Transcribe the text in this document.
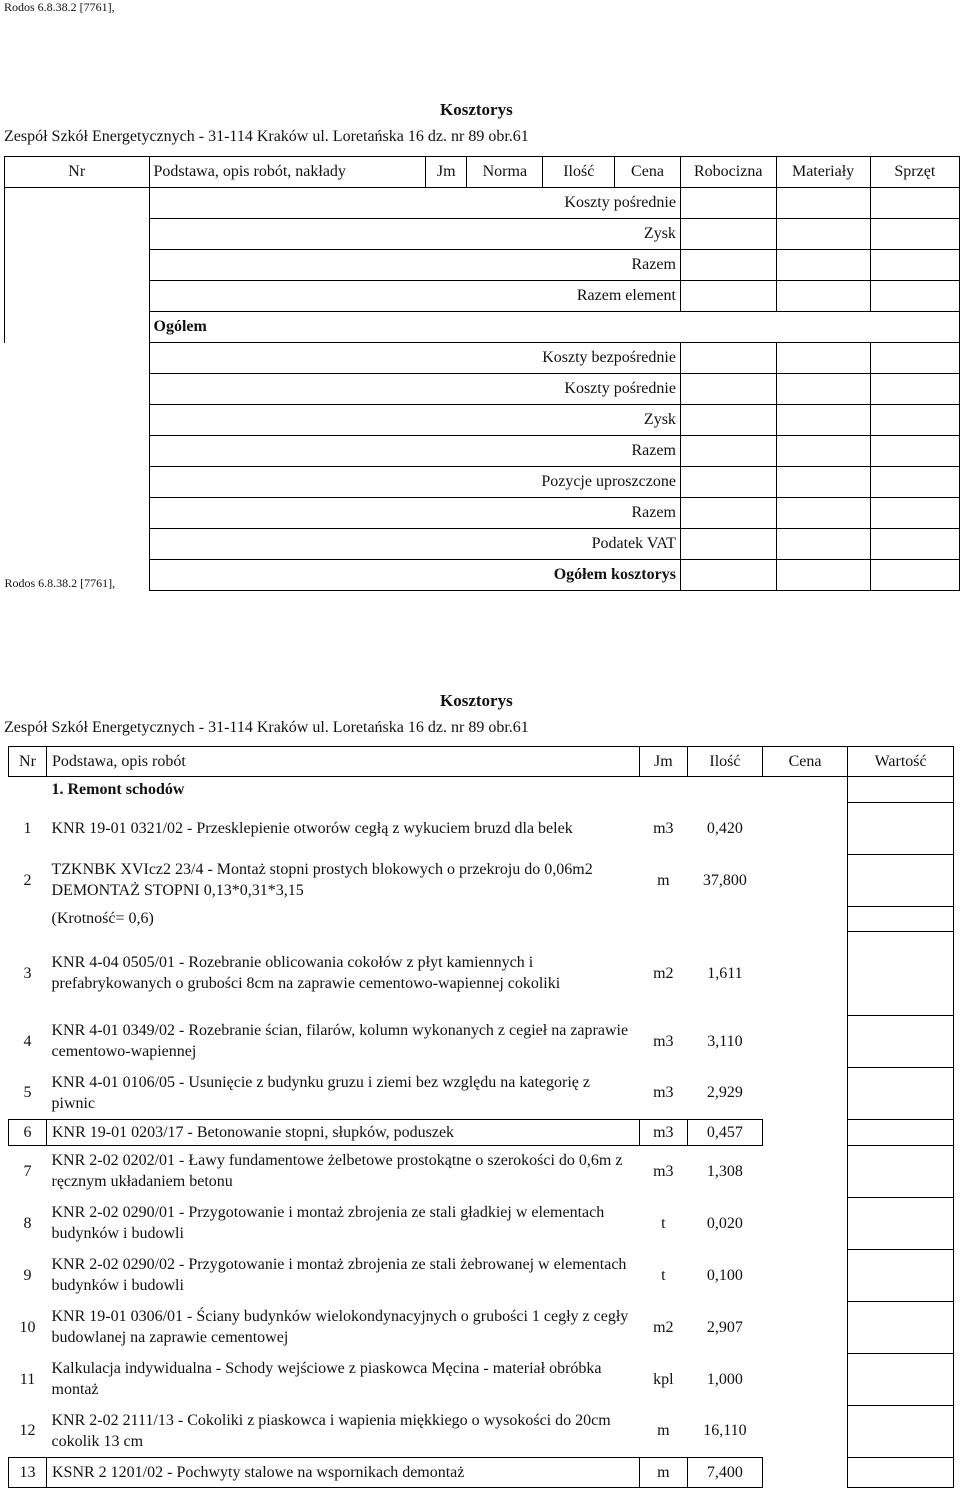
Rodos 6.8.38.2 [7761],
Kosztorys
Zespół Szkół Energetycznych - 31-114 Kraków ul. Loretańska 16 dz. nr 89 obr.61
Nr	Podstawa, opis robót, nakłady	Jm	Norma	Ilość	Cena	Robocizna	Materiały	Sprzęt
	Koszty pośrednie							
	Zysk							
	Razem							
	Razem element							
	Ogólem							

Rodos 6.8.38.2 [7761],	Koszty bezpośrednie							
	Koszty pośrednie							
	Zysk							
	Razem							
	Pozycje uproszczone							
	Razem							
	Podatek VAT							
	Ogółem kosztorys							
Kosztorys
Zespół Szkół Energetycznych - 31-114 Kraków ul. Loretańska 16 dz. nr 89 obr.61
Nr	Podstawa, opis robót	Jm	Ilość	Cena	Wartość
	1. Remont schodów				
1	KNR 19-01 0321/02 - Przesklepienie otworów cegłą z wykuciem bruzd dla belek	m3	0,420		
2	TZKNBK XVIcz2 23/4 - Montaż stopni prostych blokowych o przekroju do 0,06m2 DEMONTAŻ STOPNI 0,13*0,31*3,15	m	37,800		
	(Krotność= 0,6)				
3	KNR 4-04 0505/01 - Rozebranie oblicowania cokołów z płyt kamiennych i prefabrykowanych o grubości 8cm na zaprawie cementowo-wapiennej cokoliki	m2	1,611		
4	KNR 4-01 0349/02 - Rozebranie ścian, filarów, kolumn wykonanych z cegieł na zaprawie cementowo-wapiennej	m3	3,110		
5	KNR 4-01 0106/05 - Usunięcie z budynku gruzu i ziemi bez względu na kategorię z piwnic	m3	2,929		
6	KNR 19-01 0203/17 - Betonowanie stopni, słupków, poduszek	m3	0,457		
7	KNR 2-02 0202/01 - Ławy fundamentowe żelbetowe prostokątne o szerokości do 0,6m z ręcznym układaniem betonu	m3	1,308		
8	KNR 2-02 0290/01 - Przygotowanie i montaż zbrojenia ze stali gładkiej w elementach budynków i budowli	t	0,020		
9	KNR 2-02 0290/02 - Przygotowanie i montaż zbrojenia ze stali żebrowanej w elementach budynków i budowli	t	0,100		
10	KNR 19-01 0306/01 - Ściany budynków wielokondynacyjnych o grubości 1 cegły z cegły budowlanej na zaprawie cementowej	m2	2,907		
11	Kalkulacja indywidualna - Schody wejściowe z piaskowca Męcina - materiał obróbka montaż	kpl	1,000		
12	KNR 2-02 2111/13 - Cokoliki z piaskowca i wapienia miękkiego o wysokości do 20cm cokolik 13 cm	m	16,110		
13	KSNR 2 1201/02 - Pochwyty stalowe na wspornikach demontaż	m	7,400		
